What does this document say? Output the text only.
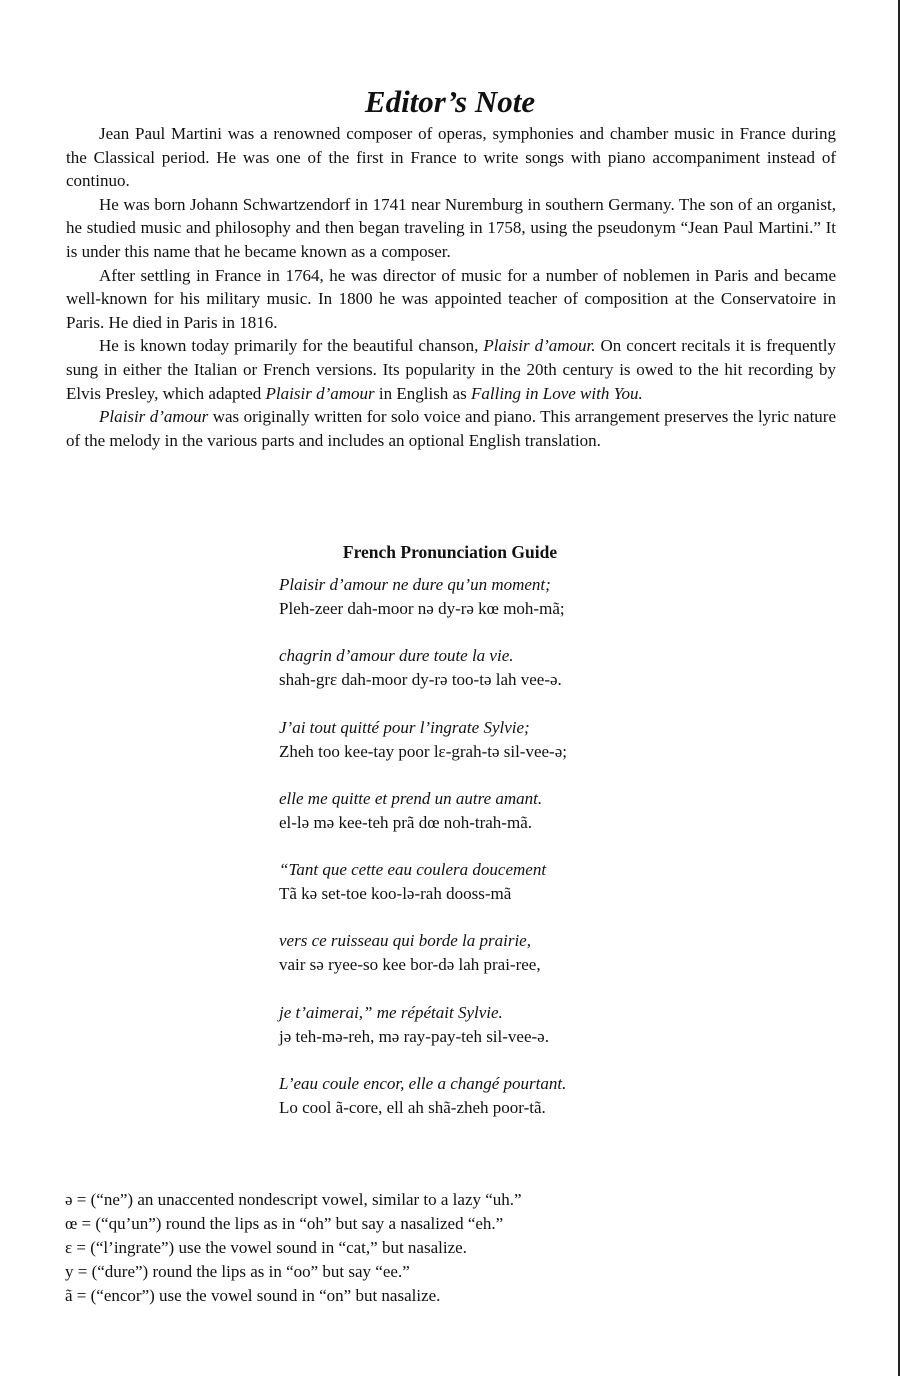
Editor’s Note

Jean Paul Martini was a renowned composer of operas, symphonies and chamber music in France during the Classical period. He was one of the first in France to write songs with piano accompaniment instead of continuo.

He was born Johann Schwartzendorf in 1741 near Nuremburg in southern Germany. The son of an organist, he studied music and philosophy and then began traveling in 1758, using the pseudonym “Jean Paul Martini.” It is under this name that he became known as a composer.

After settling in France in 1764, he was director of music for a number of noblemen in Paris and became well-known for his military music. In 1800 he was appointed teacher of composition at the Conservatoire in Paris. He died in Paris in 1816.

He is known today primarily for the beautiful chanson, Plaisir d’amour. On concert recitals it is frequently sung in either the Italian or French versions. Its popularity in the 20th century is owed to the hit recording by Elvis Presley, which adapted Plaisir d’amour in English as Falling in Love with You.

Plaisir d’amour was originally written for solo voice and piano. This arrangement preserves the lyric nature of the melody in the various parts and includes an optional English translation.

French Pronunciation Guide
Plaisir d’amour ne dure qu’un moment;
Pleh-zeer dah-moor nə dy-rə kœ moh-mã;
chagrin d’amour dure toute la vie.
shah-grɛ dah-moor dy-rə too-tə lah vee-ə.
J’ai tout quitté pour l’ingrate Sylvie;
Zheh too kee-tay poor lɛ-grah-tə sil-vee-ə;
elle me quitte et prend un autre amant.
el-lə mə kee-teh prã dœ noh-trah-mã.
“Tant que cette eau coulera doucement
Tã kə set-toe koo-lə-rah dooss-mã
vers ce ruisseau qui borde la prairie,
vair sə ryee-so kee bor-də lah prai-ree,
je t’aimerai,” me répétait Sylvie.
jə teh-mə-reh, mə ray-pay-teh sil-vee-ə.
L’eau coule encor, elle a changé pourtant.
Lo cool ã-core, ell ah shã-zheh poor-tã.
ə = (“ne”) an unaccented nondescript vowel, similar to a lazy “uh.”
œ = (“qu’un”) round the lips as in “oh” but say a nasalized “eh.”
ɛ = (“l’ingrate”) use the vowel sound in “cat,” but nasalize.
y = (“dure”) round the lips as in “oo” but say “ee.”
ã = (“encor”) use the vowel sound in “on” but nasalize.
